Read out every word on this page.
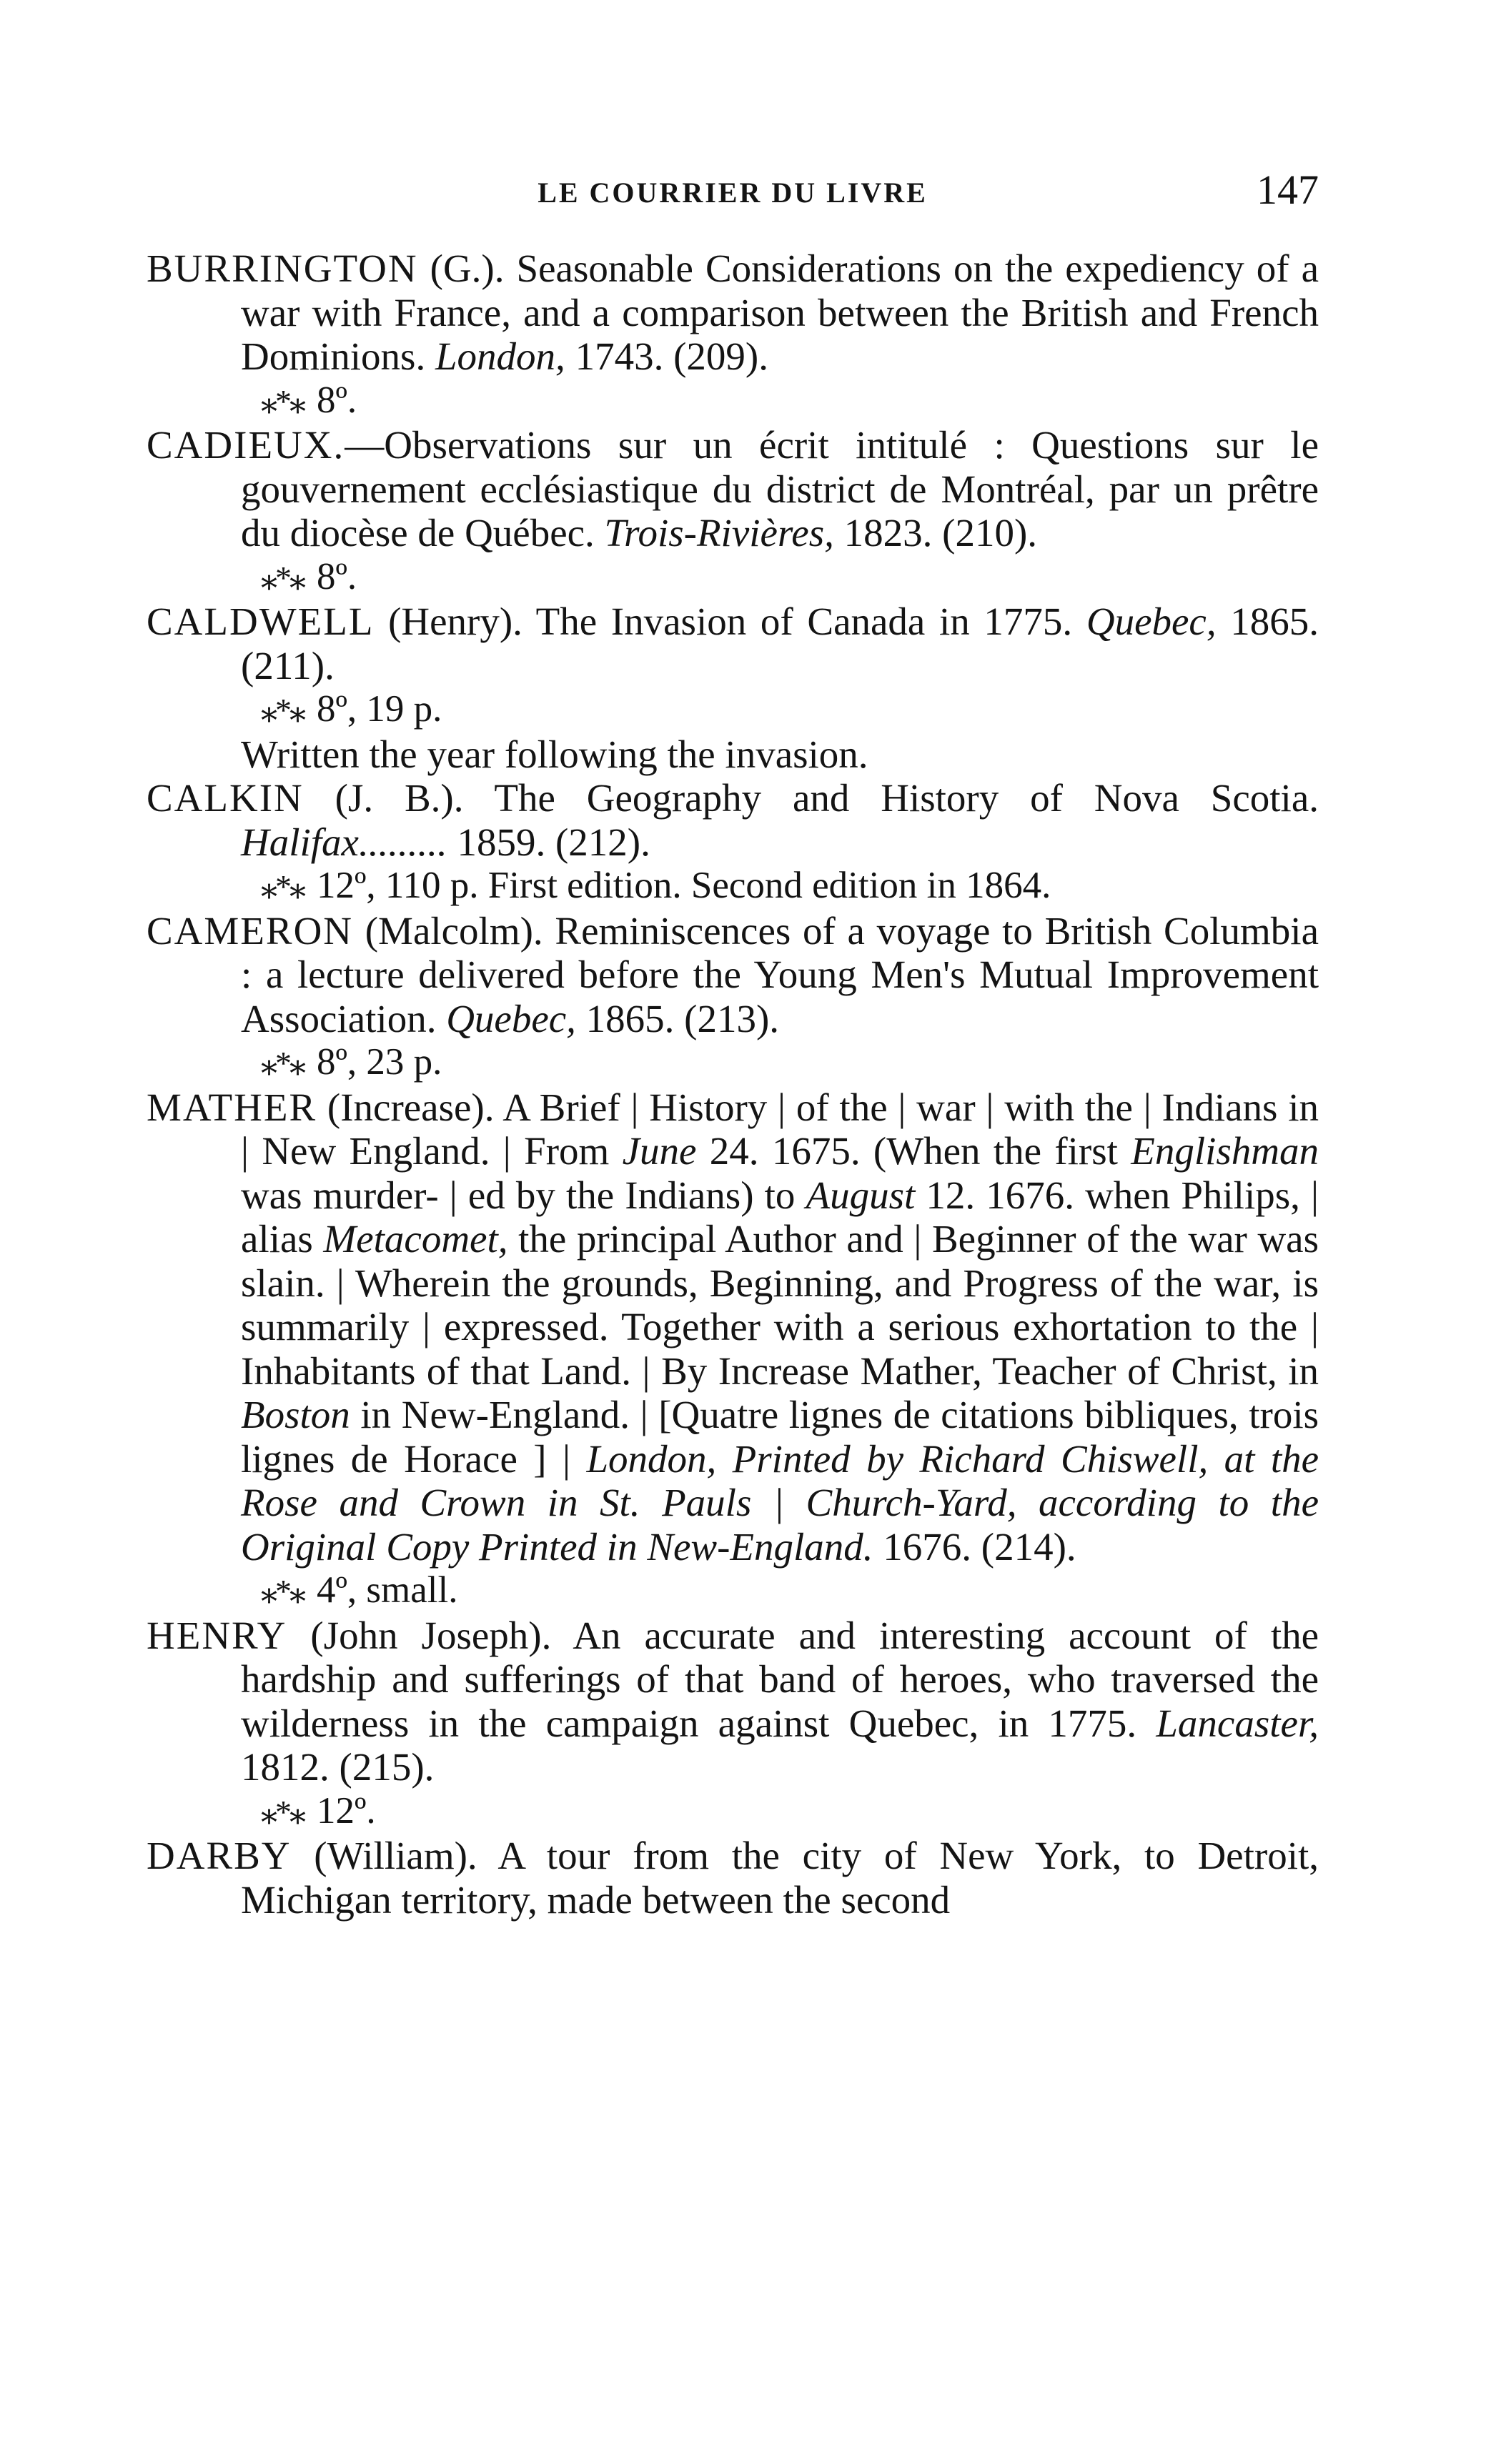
LE COURRIER DU LIVRE	147
BURRINGTON (G.). Seasonable Considerations on the expediency of a war with France, and a comparison between the British and French Dominions. London, 1743. (209).
⁎*⁎ 8º.
CADIEUX.—Observations sur un écrit intitulé : Questions sur le gouvernement ecclésiastique du district de Montréal, par un prêtre du diocèse de Québec. Trois-Rivières, 1823. (210).
⁎*⁎ 8º.
CALDWELL (Henry). The Invasion of Canada in 1775. Quebec, 1865. (211).
⁎*⁎ 8º, 19 p.
Written the year following the invasion.
CALKIN (J. B.). The Geography and History of Nova Scotia. Halifax......... 1859. (212).
⁎*⁎ 12º, 110 p. First edition. Second edition in 1864.
CAMERON (Malcolm). Reminiscences of a voyage to British Columbia : a lecture delivered before the Young Men's Mutual Improvement Association. Quebec, 1865. (213).
⁎*⁎ 8º, 23 p.
MATHER (Increase). A Brief | History | of the | war | with the | Indians in | New England. | From June 24. 1675. (When the first Englishman was murder- | ed by the Indians) to August 12. 1676. when Philips, | alias Metacomet, the principal Author and | Beginner of the war was slain. | Wherein the grounds, Beginning, and Progress of the war, is summarily | expressed. Together with a serious exhortation to the | Inhabitants of that Land. | By Increase Mather, Teacher of Christ, in Boston in New-England. | [Quatre lignes de citations bibliques, trois lignes de Horace ] | London, Printed by Richard Chiswell, at the Rose and Crown in St. Pauls | Church-Yard, according to the Original Copy Printed in New-England. 1676. (214).
⁎*⁎ 4º, small.
HENRY (John Joseph). An accurate and interesting account of the hardship and sufferings of that band of heroes, who traversed the wilderness in the campaign against Quebec, in 1775. Lancaster, 1812. (215).
⁎*⁎ 12º.
DARBY (William). A tour from the city of New York, to Detroit, Michigan territory, made between the second
